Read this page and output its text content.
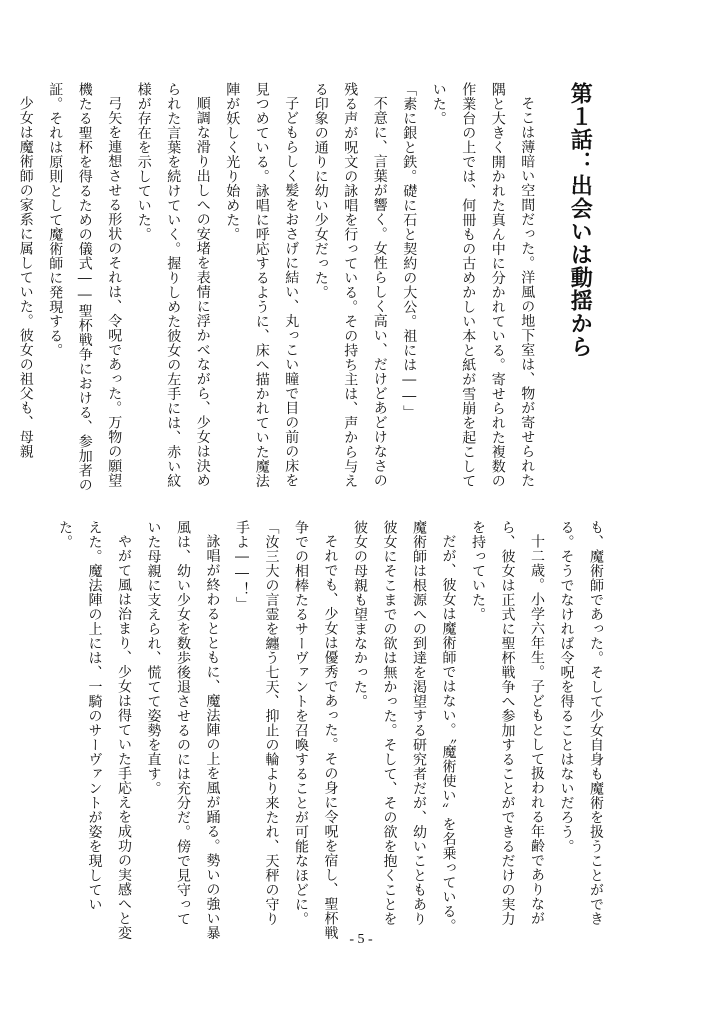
第１話：出会いは動揺から

そこは薄暗い空間だった。洋風の地下室は、物が寄せられた隅と大きく開かれた真ん中に分かれている。寄せられた複数の作業台の上では、何冊もの古めかしい本と紙が雪崩を起こしていた。

「素に銀と鉄。礎に石と契約の大公。祖には――」

不意に、言葉が響く。女性らしく高い、だけどあどけなさの残る声が呪文の詠唱を行っている。その持ち主は、声から与える印象の通りに幼い少女だった。

子どもらしく髪をおさげに結い、丸っこい瞳で目の前の床を見つめている。詠唱に呼応するように、床へ描かれていた魔法陣が妖しく光り始めた。

順調な滑り出しへの安堵を表情に浮かべながら、少女は決められた言葉を続けていく。握りしめた彼女の左手には、赤い紋様が存在を示していた。

弓矢を連想させる形状のそれは、令呪であった。万物の願望機たる聖杯を得るための儀式――聖杯戦争における、参加者の証。それは原則として魔術師に発現する。

少女は魔術師の家系に属していた。彼女の祖父も、母親

も、魔術師であった。そして少女自身も魔術を扱うことができる。そうでなければ令呪を得ることはないだろう。

十二歳。小学六年生。子どもとして扱われる年齢でありながら、彼女は正式に聖杯戦争へ参加することができるだけの実力を持っていた。

だが、彼女は魔術師ではない。〝魔術使い〟を名乗っている。魔術師は根源への到達を渇望する研究者だが、幼いこともあり彼女にそこまでの欲は無かった。そして、その欲を抱くことを彼女の母親も望まなかった。

それでも、少女は優秀であった。その身に令呪を宿し、聖杯戦争での相棒たるサーヴァントを召喚することが可能なほどに。

「汝三大の言霊を纏う七天、抑止の輪より来たれ、天秤の守り手よ――！」

詠唱が終わるとともに、魔法陣の上を風が踊る。勢いの強い暴風は、幼い少女を数歩後退させるのには充分だ。傍で見守っていた母親に支えられ、慌てて姿勢を直す。

やがて風は治まり、少女は得ていた手応えを成功の実感へと変えた。魔法陣の上には、一騎のサーヴァントが姿を現していた。

- 5 -
